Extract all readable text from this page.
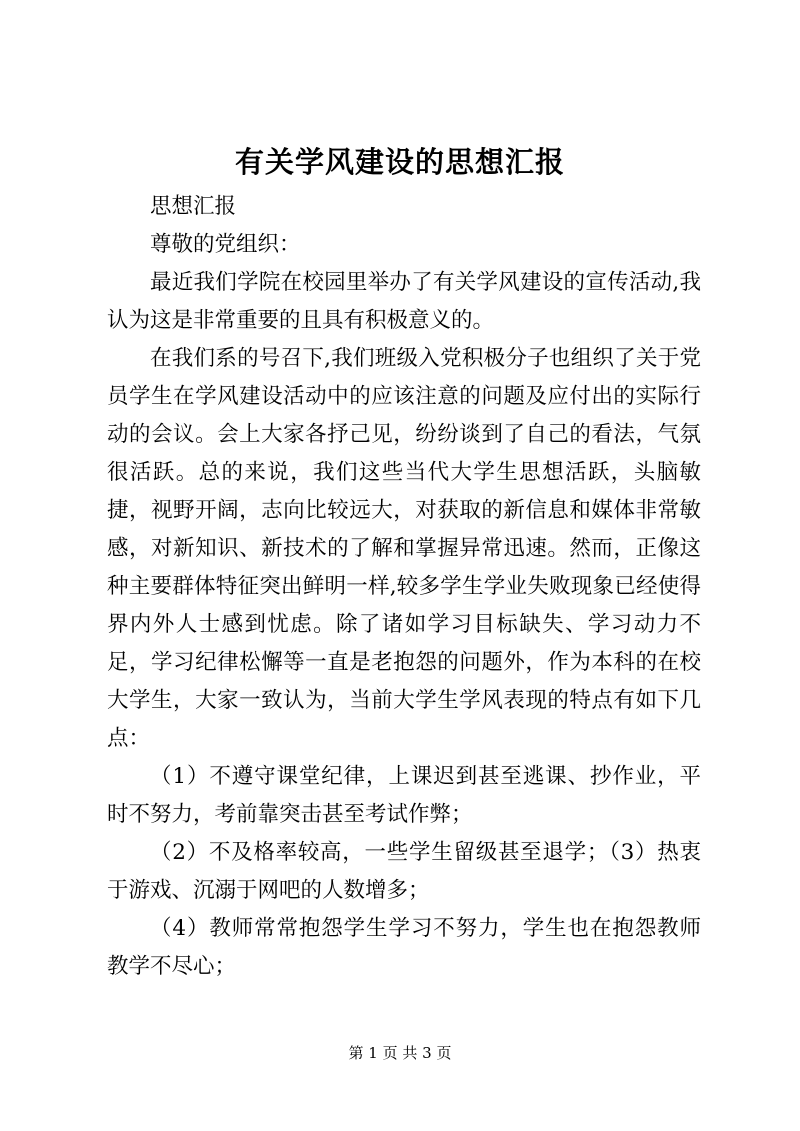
有关学风建设的思想汇报

思想汇报

尊敬的党组织：

最近我们学院在校园里举办了有关学风建设的宣传活动,我认为这是非常重要的且具有积极意义的。

在我们系的号召下,我们班级入党积极分子也组织了关于党员学生在学风建设活动中的应该注意的问题及应付出的实际行动的会议。会上大家各抒己见，纷纷谈到了自己的看法，气氛很活跃。总的来说，我们这些当代大学生思想活跃，头脑敏捷，视野开阔，志向比较远大，对获取的新信息和媒体非常敏感，对新知识、新技术的了解和掌握异常迅速。然而，正像这种主要群体特征突出鲜明一样,较多学生学业失败现象已经使得界内外人士感到忧虑。除了诸如学习目标缺失、学习动力不足，学习纪律松懈等一直是老抱怨的问题外，作为本科的在校大学生，大家一致认为，当前大学生学风表现的特点有如下几点：

（1）不遵守课堂纪律，上课迟到甚至逃课、抄作业，平时不努力，考前靠突击甚至考试作弊；

（2）不及格率较高，一些学生留级甚至退学；（3）热衷于游戏、沉溺于网吧的人数增多；

（4）教师常常抱怨学生学习不努力，学生也在抱怨教师教学不尽心；

第 1 页 共 3 页
